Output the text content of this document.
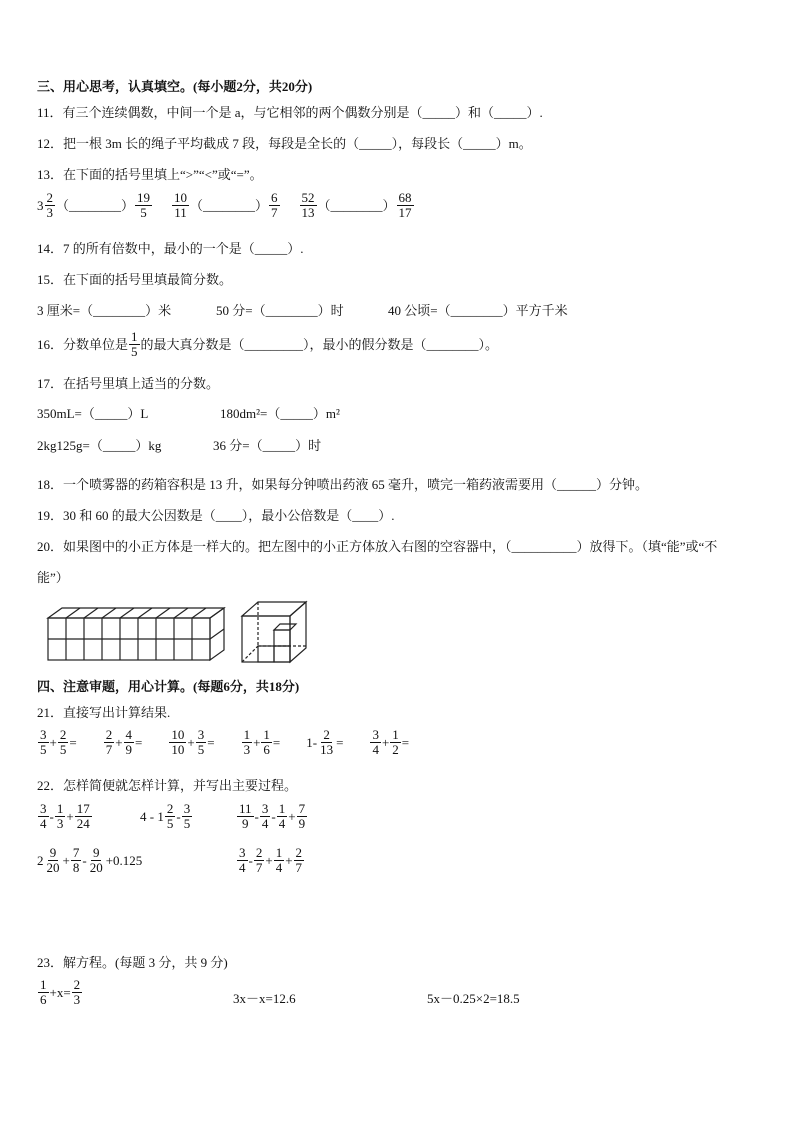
三、用心思考，认真填空。(每小题2分，共20分)
11．有三个连续偶数，中间一个是 a，与它相邻的两个偶数分别是（_____）和（_____）.
12．把一根 3m 长的绳子平均截成 7 段，每段是全长的（_____），每段长（_____）m。
13．在下面的括号里填上“>”“<”或“=”。
$3 \frac{2}{3}$ （________） $\frac{19}{5} \frac{10}{11}$ （________） $\frac{6}{7} \frac{52}{13}$ （________） $\frac{68}{17}$
14．7 的所有倍数中，最小的一个是（_____）.
15．在下面的括号里填最简分数。
3 厘米=（________）米	50 分=（________）时	40 公顷=（________）平方千米
16．分数单位是 $\frac{1}{5}$ 的最大真分数是（_________），最小的假分数是（________）。
17．在括号里填上适当的分数。
350mL=（_____）L	180dm²=（_____）m²
2kg125g=（_____）kg	36 分=（_____）时
18．一个喷雾器的药箱容积是 13 升，如果每分钟喷出药液 65 毫升，喷完一箱药液需要用（______）分钟。
19．30 和 60 的最大公因数是（____），最小公倍数是（____）.
20．如果图中的小正方体是一样大的。把左图中的小正方体放入右图的空容器中，（__________）放得下。（填“能”或“不
能”）
四、注意审题，用心计算。(每题6分，共18分)
21．直接写出计算结果.
$\frac{3}{5} + \frac{2}{5} = \frac{2}{7} + \frac{4}{9} = \frac{10}{10} + \frac{3}{5} = \frac{1}{3} + \frac{1}{6} = 1- \frac{2}{13} = \frac{3}{4} + \frac{1}{2}$ =
22．怎样简便就怎样计算，并写出主要过程。
$\frac{3}{4} - \frac{1}{3} + \frac{17}{24}$	$4 - 1 \frac{2}{5} - \frac{3}{5}$	$\frac{11}{9} - \frac{3}{4} - \frac{1}{4} + \frac{7}{9}$
$2 \frac{9}{20} + \frac{7}{8} - \frac{9}{20} +0.125$	$\frac{3}{4} - \frac{2}{7} + \frac{1}{4} + \frac{2}{7}$
23．解方程。(每题 3 分，共 9 分)
$\frac{1}{6} +x= \frac{2}{3}$	3x－x=12.6	5x－0.25×2=18.5
